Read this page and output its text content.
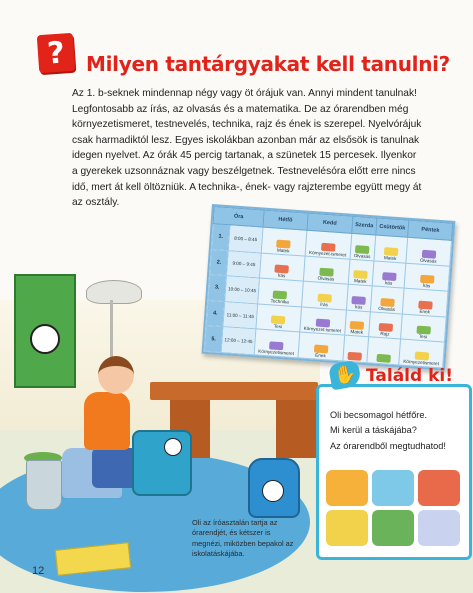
?	Milyen tantárgyakat kell tanulni?
Az 1. b-seknek mindennap négy vagy öt órájuk van. Annyi mindent tanulnak! Legfontosabb az írás, az olvasás és a matematika. De az órarendben még környezetismeret, testnevelés, technika, rajz és ének is szerepel. Nyelvórájuk csak harmadiktól lesz. Egyes iskolákban azonban már az elsősök is tanulnak idegen nyelvet. Az órák 45 percig tartanak, a szünetek 15 percesek. Ilyenkor a gyerekek uzsonnáznak vagy beszélgetnek. Testnevelésóra előtt erre nincs idő, mert át kell öltözniük. A technika-, ének- vagy rajzterembe együtt megy át az osztály.
Óra		Hétfő	Kedd	Szerda	Csütörtök	Péntek
1.	8:00 – 8:45	Matek	Környezet-ismeret	Olvasás	Matek	Olvasás
2.	9:00 – 9:45	Írás	Olvasás	Matek	Írás	Írás
3.	10:00 – 10:45	Technika	Írás	Írás	Olvasás	Ének
4.	11:00 – 11:45	Tesi	Környezet-ismeret	Matek	Rajz	Tesi
5.	12:00 – 12:45	Környezetismeret	Ének			Környezetismeret
Oli az íróasztalán tartja az órarendjét, és kétszer is megnézi, miközben bepakol az iskolatáskájába.
12
✋ Találd ki!
Oli becsomagol hétfőre.
Mi kerül a táskájába?
Az órarendből megtudhatod!
